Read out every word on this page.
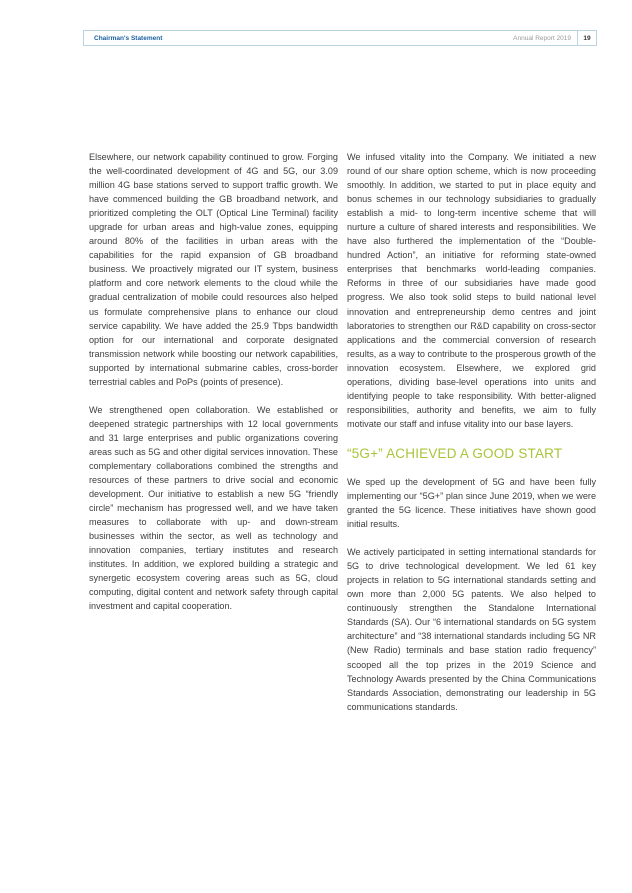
Chairman's Statement	Annual Report 2019	19

Elsewhere, our network capability continued to grow. Forging the well-coordinated development of 4G and 5G, our 3.09 million 4G base stations served to support traffic growth. We have commenced building the GB broadband network, and prioritized completing the OLT (Optical Line Terminal) facility upgrade for urban areas and high-value zones, equipping around 80% of the facilities in urban areas with the capabilities for the rapid expansion of GB broadband business. We proactively migrated our IT system, business platform and core network elements to the cloud while the gradual centralization of mobile could resources also helped us formulate comprehensive plans to enhance our cloud service capability. We have added the 25.9 Tbps bandwidth option for our international and corporate designated transmission network while boosting our network capabilities, supported by international submarine cables, cross-border terrestrial cables and PoPs (points of presence).

We strengthened open collaboration. We established or deepened strategic partnerships with 12 local governments and 31 large enterprises and public organizations covering areas such as 5G and other digital services innovation. These complementary collaborations combined the strengths and resources of these partners to drive social and economic development. Our initiative to establish a new 5G “friendly circle” mechanism has progressed well, and we have taken measures to collaborate with up- and down-stream businesses within the sector, as well as technology and innovation companies, tertiary institutes and research institutes. In addition, we explored building a strategic and synergetic ecosystem covering areas such as 5G, cloud computing, digital content and network safety through capital investment and capital cooperation.

We infused vitality into the Company. We initiated a new round of our share option scheme, which is now proceeding smoothly. In addition, we started to put in place equity and bonus schemes in our technology subsidiaries to gradually establish a mid- to long-term incentive scheme that will nurture a culture of shared interests and responsibilities. We have also furthered the implementation of the “Double-hundred Action”, an initiative for reforming state-owned enterprises that benchmarks world-leading companies. Reforms in three of our subsidiaries have made good progress. We also took solid steps to build national level innovation and entrepreneurship demo centres and joint laboratories to strengthen our R&D capability on cross-sector applications and the commercial conversion of research results, as a way to contribute to the prosperous growth of the innovation ecosystem. Elsewhere, we explored grid operations, dividing base-level operations into units and identifying people to take responsibility. With better-aligned responsibilities, authority and benefits, we aim to fully motivate our staff and infuse vitality into our base layers.

“5G+” ACHIEVED A GOOD START

We sped up the development of 5G and have been fully implementing our “5G+” plan since June 2019, when we were granted the 5G licence. These initiatives have shown good initial results.

We actively participated in setting international standards for 5G to drive technological development. We led 61 key projects in relation to 5G international standards setting and own more than 2,000 5G patents. We also helped to continuously strengthen the Standalone International Standards (SA). Our “6 international standards on 5G system architecture” and “38 international standards including 5G NR (New Radio) terminals and base station radio frequency” scooped all the top prizes in the 2019 Science and Technology Awards presented by the China Communications Standards Association, demonstrating our leadership in 5G communications standards.
